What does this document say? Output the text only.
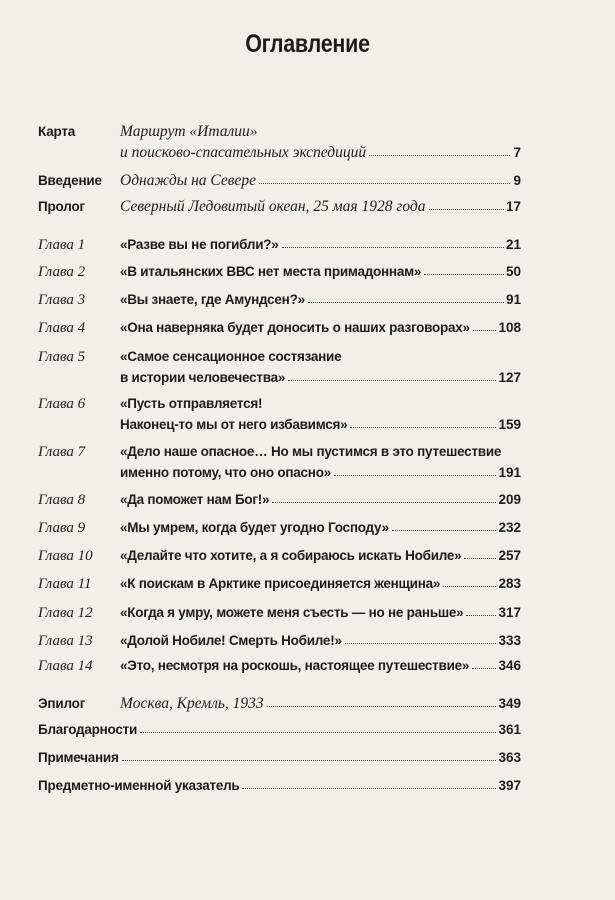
Оглавление
Карта	Маршрут «Италии»
и поисково-спасательных экспедиций	7
Введение Однажды на Севере	9
Пролог Северный Ледовитый океан, 25 мая 1928 года	17
Глава 1	«Разве вы не погибли?»	21
Глава 2	«В итальянских ВВС нет места примадоннам»	50
Глава 3	«Вы знаете, где Амундсен?»	91
Глава 4	«Она наверняка будет доносить о наших разговорах» 108
Глава 5	«Самое сенсационное состязание
в истории человечества»	127
Глава 6	«Пусть отправляется!
Наконец-то мы от него избавимся»	159
Глава 7	«Дело наше опасное… Но мы пустимся в это путешествие
именно потому, что оно опасно»	191
Глава 8	«Да поможет нам Бог!»	209
Глава 9	«Мы умрем, когда будет угодно Господу»	232
Глава 10 «Делайте что хотите, а я собираюсь искать Нобиле»	257
Глава 11 «К поискам в Арктике присоединяется женщина»	283
Глава 12 «Когда я умру, можете меня съесть — но не раньше»	317
Глава 13 «Долой Нобиле! Смерть Нобиле!»	333
Глава 14 «Это, несмотря на роскошь, настоящее путешествие» 346
Эпилог Москва, Кремль, 1933	349
Благодарности	361
Примечания	363
Предметно-именной указатель	397
